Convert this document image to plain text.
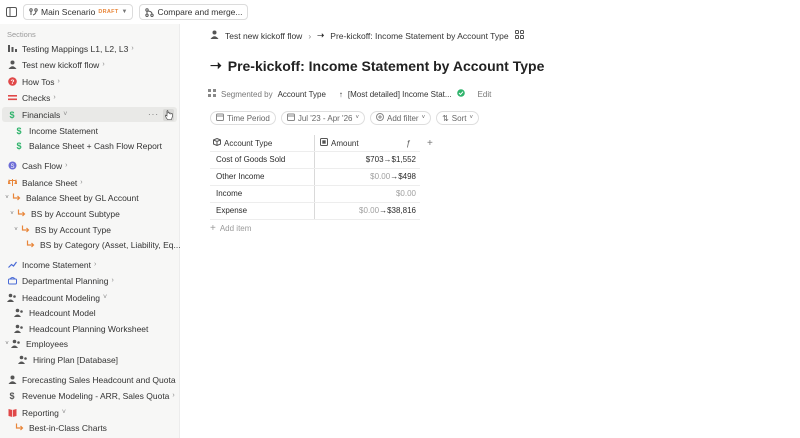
Main Scenario DRAFT ▼	Compare and merge...
Sections
Testing Mappings L1, L2, L3 ›
Test new kickoff flow ›
? How Tos ›
Checks ›
$ Financials ˅	···
$ Income Statement
$ Balance Sheet + Cash Flow Report
S Cash Flow ›
Balance Sheet ›
˅ Balance Sheet by GL Account
˅ BS by Account Subtype
˅ BS by Account Type
BS by Category (Asset, Liability, Eq...
Income Statement ›
Departmental Planning ›
Headcount Modeling ˅
Headcount Model
Headcount Planning Worksheet
˅ Employees
Hiring Plan [Database]
Forecasting Sales Headcount and Quota
$ Revenue Modeling - ARR, Sales Quota ›
Reporting ˅
Best-in-Class Charts
Test new kickoff flow › ➝ Pre-kickoff: Income Statement by Account Type
➝ Pre-kickoff: Income Statement by Account Type
Segmented by Account Type ↑ [Most detailed] Income Stat...	Edit
Time Period	Jul '23 - Apr '26 ˅	Add filter ˅ ⇅ Sort ˅
Account Type	Amount	ƒ +
Cost of Goods Sold	$703 → $1,552
Other Income	$0.00 → $498
Income	$0.00
Expense	$0.00 → $38,816
+ Add item
